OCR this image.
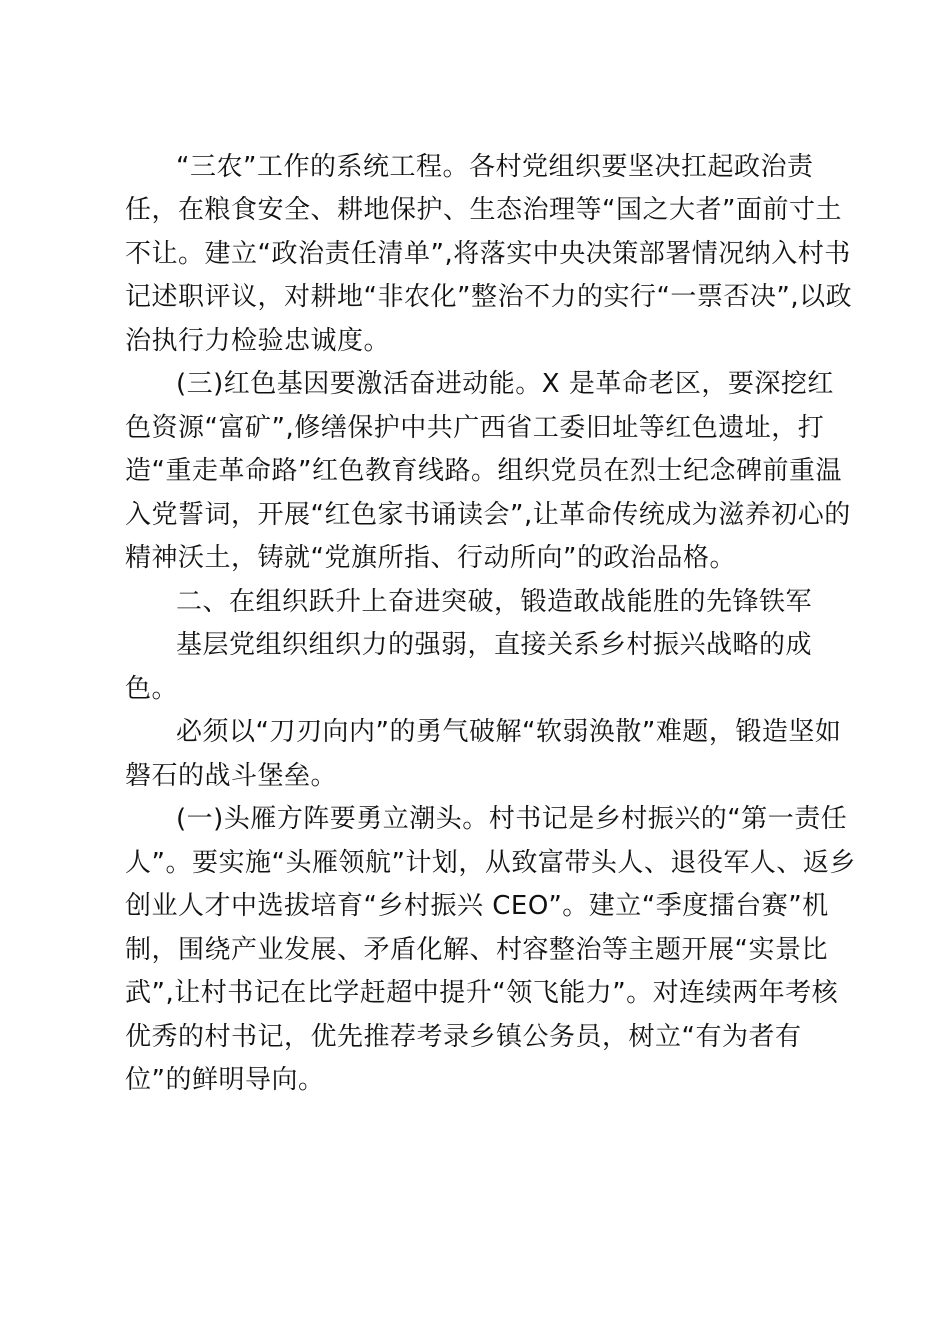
“三农”工作的系统工程。各村党组织要坚决扛起政治责
任，在粮食安全、耕地保护、生态治理等“国之大者”面前寸土
不让。建立“政治责任清单”,将落实中央决策部署情况纳入村书
记述职评议，对耕地“非农化”整治不力的实行“一票否决”,以政
治执行力检验忠诚度。
(三)红色基因要激活奋进动能。X 是革命老区，要深挖红
色资源“富矿”,修缮保护中共广西省工委旧址等红色遗址，打
造“重走革命路”红色教育线路。组织党员在烈士纪念碑前重温
入党誓词，开展“红色家书诵读会”,让革命传统成为滋养初心的
精神沃土，铸就“党旗所指、行动所向”的政治品格。
二、在组织跃升上奋进突破，锻造敢战能胜的先锋铁军
基层党组织组织力的强弱，直接关系乡村振兴战略的成
色。
必须以“刀刃向内”的勇气破解“软弱涣散”难题，锻造坚如
磐石的战斗堡垒。
(一)头雁方阵要勇立潮头。村书记是乡村振兴的“第一责任
人”。要实施“头雁领航”计划，从致富带头人、退役军人、返乡
创业人才中选拔培育“乡村振兴 CEO”。建立“季度擂台赛”机
制，围绕产业发展、矛盾化解、村容整治等主题开展“实景比
武”,让村书记在比学赶超中提升“领飞能力”。对连续两年考核
优秀的村书记，优先推荐考录乡镇公务员，树立“有为者有
位”的鲜明导向。
